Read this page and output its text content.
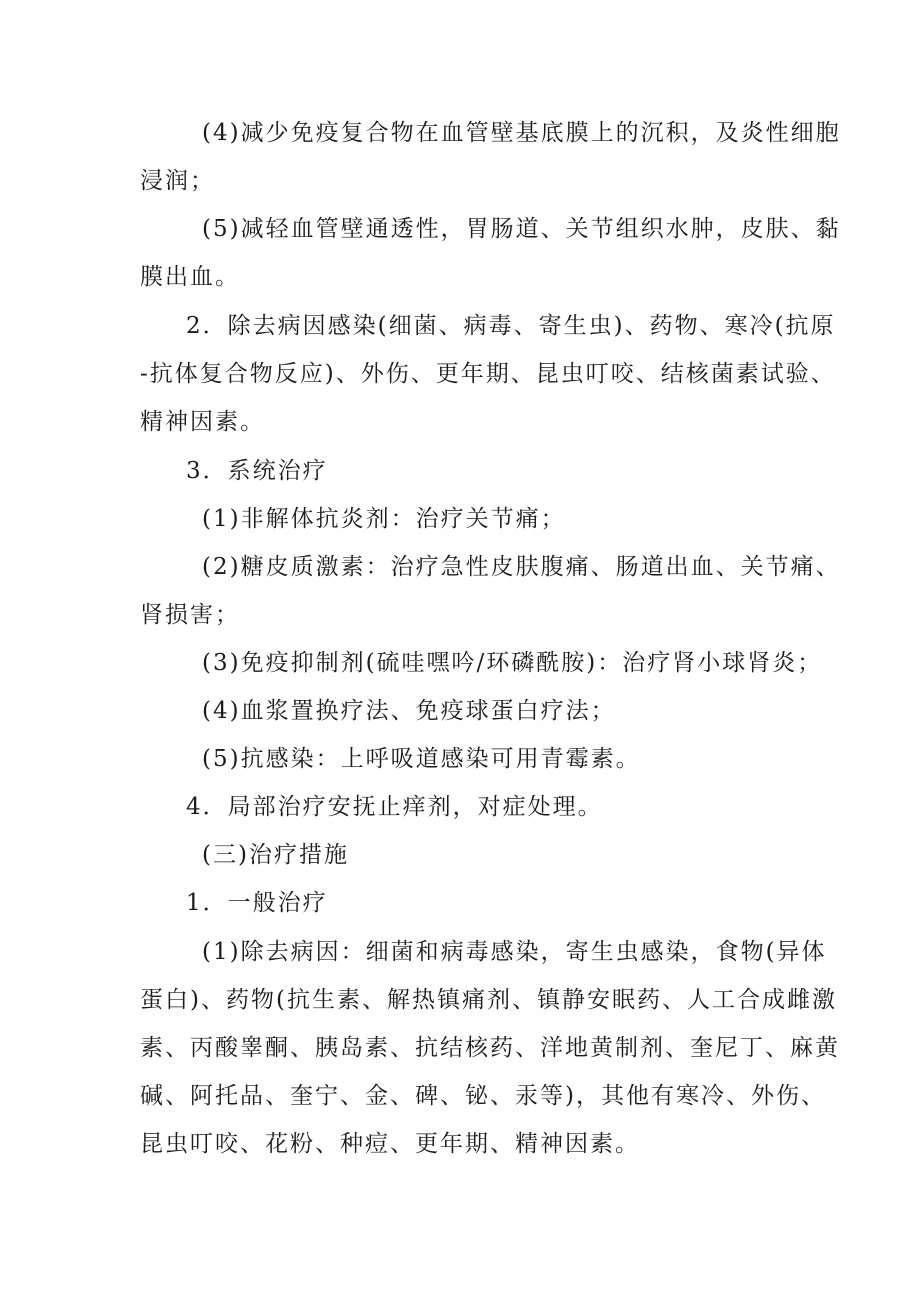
(4)减少免疫复合物在血管壁基底膜上的沉积，及炎性细胞

浸润；

(5)减轻血管壁通透性，胃肠道、关节组织水肿，皮肤、黏

膜出血。

2．除去病因感染(细菌、病毒、寄生虫)、药物、寒冷(抗原

-抗体复合物反应)、外伤、更年期、昆虫叮咬、结核菌素试验、

精神因素。

3．系统治疗

(1)非解体抗炎剂：治疗关节痛；

(2)糖皮质激素：治疗急性皮肤腹痛、肠道出血、关节痛、

肾损害；

(3)免疫抑制剂(硫哇嘿吟/环磷酰胺)：治疗肾小球肾炎；

(4)血浆置换疗法、免疫球蛋白疗法；

(5)抗感染：上呼吸道感染可用青霉素。

4．局部治疗安抚止痒剂，对症处理。

(三)治疗措施

1．一般治疗

(1)除去病因：细菌和病毒感染，寄生虫感染，食物(异体

蛋白)、药物(抗生素、解热镇痛剂、镇静安眠药、人工合成雌激

素、丙酸睾酮、胰岛素、抗结核药、洋地黄制剂、奎尼丁、麻黄

碱、阿托品、奎宁、金、碑、铋、汞等)，其他有寒冷、外伤、

昆虫叮咬、花粉、种痘、更年期、精神因素。
